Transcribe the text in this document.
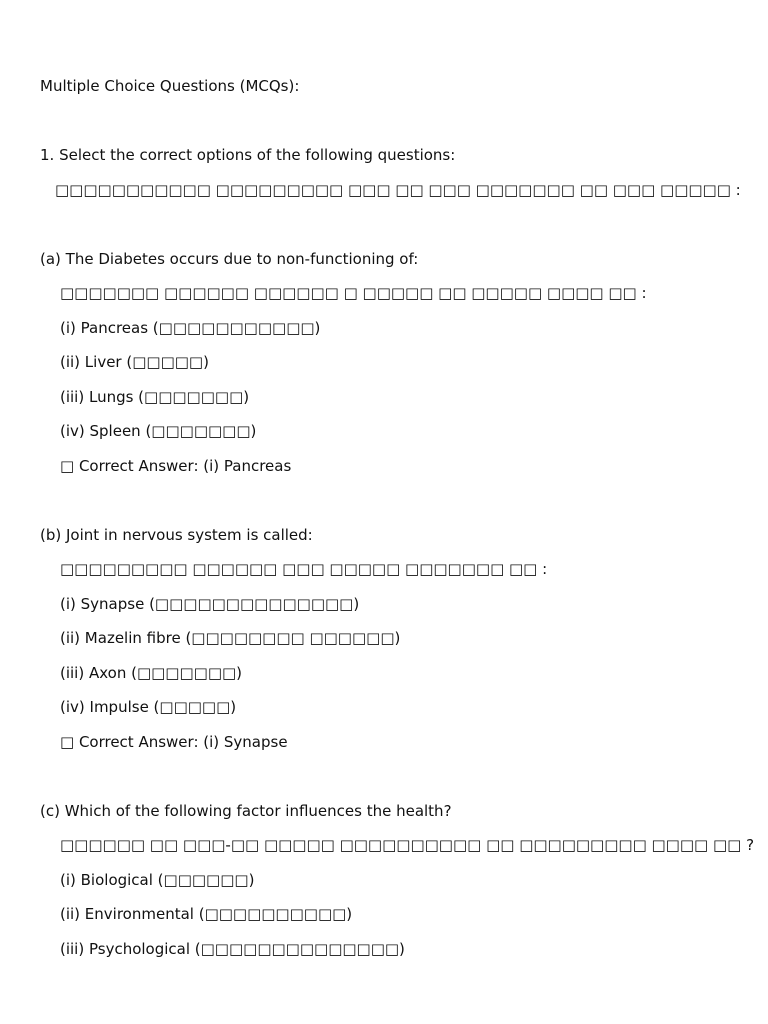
Multiple Choice Questions (MCQs):
1. Select the correct options of the following questions:
□□□□□□□□□□□ □□□□□□□□□ □□□ □□ □□□ □□□□□□□ □□ □□□ □□□□□ :
(a) The Diabetes occurs due to non-functioning of:
□□□□□□□ □□□□□□ □□□□□□ □ □□□□□ □□ □□□□□ □□□□ □□ :
(i) Pancreas (□□□□□□□□□□□)
(ii) Liver (□□□□□)
(iii) Lungs (□□□□□□□)
(iv) Spleen (□□□□□□□)
□ Correct Answer: (i) Pancreas
(b) Joint in nervous system is called:
□□□□□□□□□ □□□□□□ □□□ □□□□□ □□□□□□□ □□ :
(i) Synapse (□□□□□□□□□□□□□□)
(ii) Mazelin fibre (□□□□□□□□ □□□□□□)
(iii) Axon (□□□□□□□)
(iv) Impulse (□□□□□)
□ Correct Answer: (i) Synapse
(c) Which of the following factor influences the health?
□□□□□□ □□ □□□-□□ □□□□□ □□□□□□□□□□ □□ □□□□□□□□□ □□□□ □□ ?
(i) Biological (□□□□□□)
(ii) Environmental (□□□□□□□□□□)
(iii) Psychological (□□□□□□□□□□□□□□)
